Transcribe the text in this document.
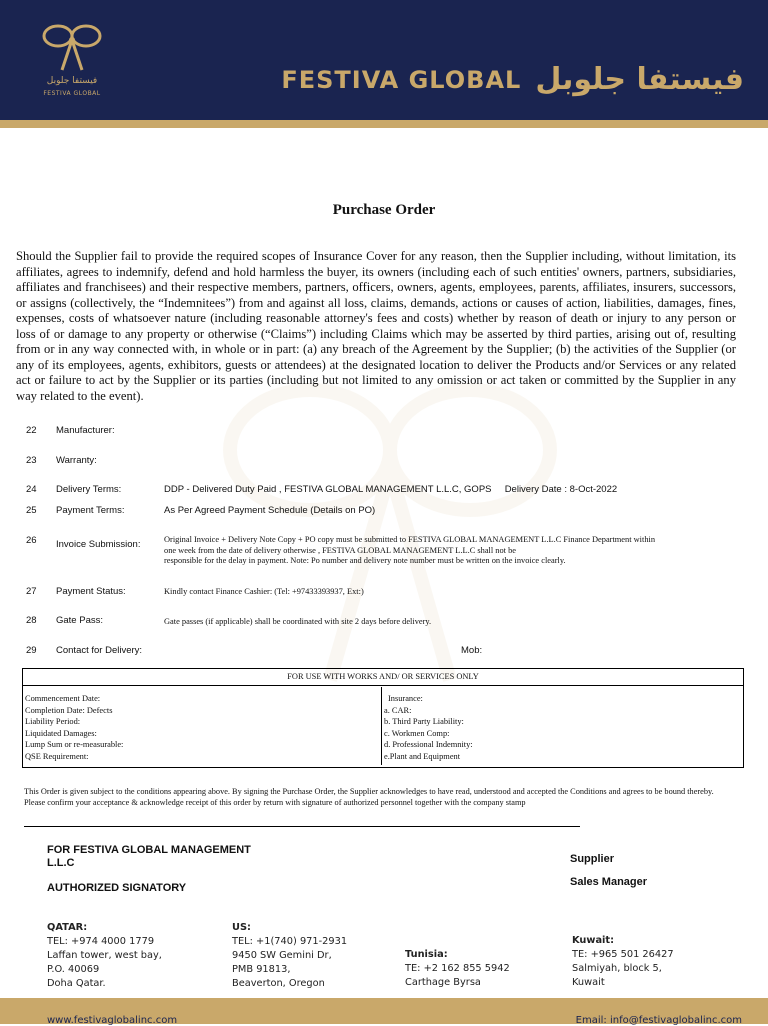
فيستفا جلوبل
FESTIVA GLOBAL	FESTIVA GLOBAL فيستفا جلوبل
Purchase Order
Should the Supplier fail to provide the required scopes of Insurance Cover for any reason, then the Supplier including, without limitation, its affiliates, agrees to indemnify, defend and hold harmless the buyer, its owners (including each of such entities' owners, partners, subsidiaries, affiliates and franchisees) and their respective members, partners, officers, owners, agents, employees, parents, affiliates, insurers, successors, or assigns (collectively, the “Indemnitees”) from and against all loss, claims, demands, actions or causes of action, liabilities, damages, fines, expenses, costs of whatsoever nature (including reasonable attorney's fees and costs) whether by reason of death or injury to any person or loss of or damage to any property or otherwise (“Claims”) including Claims which may be asserted by third parties, arising out of, resulting from or in any way connected with, in whole or in part: (a) any breach of the Agreement by the Supplier; (b) the activities of the Supplier (or any of its employees, agents, exhibitors, guests or attendees) at the designated location to deliver the Products and/or Services or any related act or failure to act by the Supplier or its parties (including but not limited to any omission or act taken or committed by the Supplier in any way related to the event).
22	Manufacturer:
23	Warranty:
24	Delivery Terms:	DDP - Delivered Duty Paid , FESTIVA GLOBAL MANAGEMENT L.L.C, GOPS     Delivery Date : 8-Oct-2022
25	Payment Terms:	As Per Agreed Payment Schedule (Details on PO)
26	Invoice Submission:	Original Invoice + Delivery Note Copy + PO copy must be submitted to FESTIVA GLOBAL MANAGEMENT L.L.C Finance Department within
one week from the date of delivery otherwise , FESTIVA GLOBAL MANAGEMENT L.L.C shall not be
responsible for the delay in payment. Note: Po number and delivery note number must be written on the invoice clearly.
27	Payment Status:	Kindly contact Finance Cashier: (Tel: +97433393937, Ext:)
28	Gate Pass:	Gate passes (if applicable) shall be coordinated with site 2 days before delivery.
29	Contact for Delivery:	Mob:
FOR USE WITH WORKS AND/ OR SERVICES ONLY
Commencement Date:
Completion Date: Defects
Liability Period:
Liquidated Damages:
Lump Sum or re-measurable:
QSE Requirement:
Insurance:
a. CAR:
b. Third Party Liability:
c. Workmen Comp:
d. Professional Indemnity:
e.Plant and Equipment
This Order is given subject to the conditions appearing above. By signing the Purchase Order, the Supplier acknowledges to have read, understood and accepted the Conditions and agrees to be bound thereby. Please confirm your acceptance & acknowledge receipt of this order by return with signature of authorized personnel together with the company stamp
FOR FESTIVA GLOBAL MANAGEMENT
L.L.C
AUTHORIZED SIGNATORY
Supplier
Sales Manager
QATAR:
TEL: +974 4000 1779
Laffan tower, west bay,
P.O. 40069
Doha Qatar.
US:
TEL: +1(740) 971-2931
9450 SW Gemini Dr,
PMB 91813,
Beaverton, Oregon
Tunisia:
TE: +2 162 855 5942
Carthage Byrsa
Kuwait:
TE: +965 501 26427
Salmiyah, block 5,
Kuwait
www.festivaglobalinc.com	Email: info@festivaglobalinc.com
